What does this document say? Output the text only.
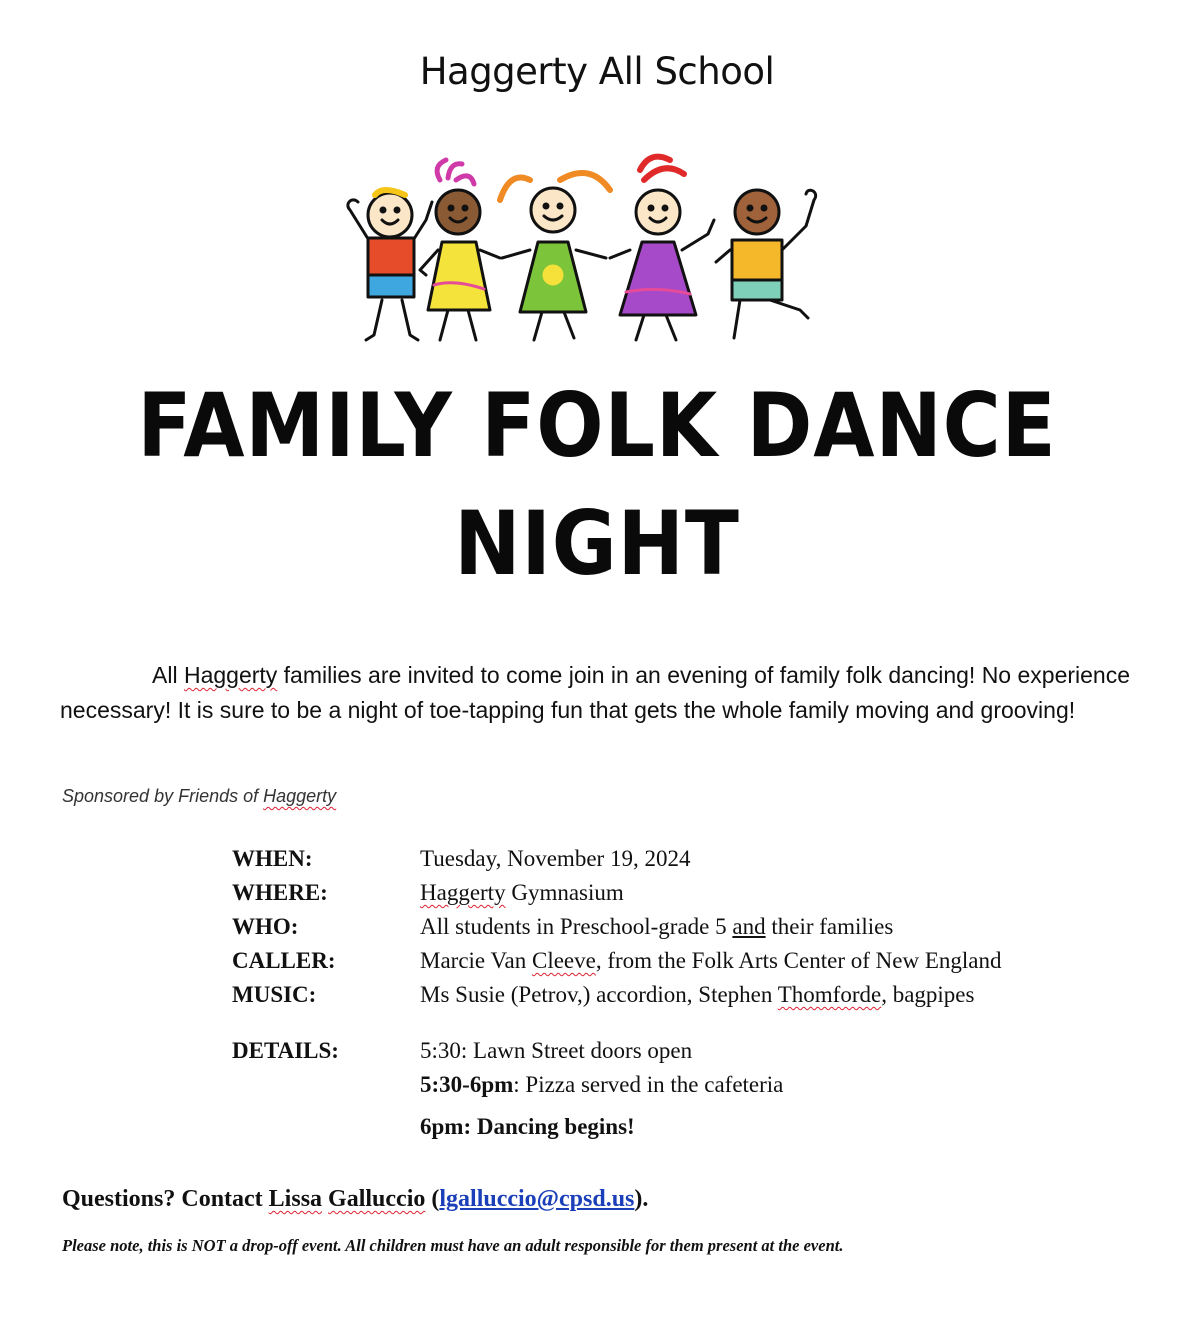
Haggerty All School
FAMILY FOLK DANCE
NIGHT
All Haggerty families are invited to come join in an evening of family folk dancing! No experience necessary! It is sure to be a night of toe-tapping fun that gets the whole family moving and grooving!
Sponsored by Friends of Haggerty
WHEN:	Tuesday, November 19, 2024
WHERE:	Haggerty Gymnasium
WHO:	All students in Preschool-grade 5 and their families
CALLER:	Marcie Van Cleeve, from the Folk Arts Center of New England
MUSIC:	Ms Susie (Petrov,) accordion, Stephen Thomforde, bagpipes
DETAILS:	5:30: Lawn Street doors open
5:30-6pm: Pizza served in the cafeteria
6pm: Dancing begins!
Questions? Contact Lissa Galluccio (lgalluccio@cpsd.us).
Please note, this is NOT a drop-off event. All children must have an adult responsible for them present at the event.
